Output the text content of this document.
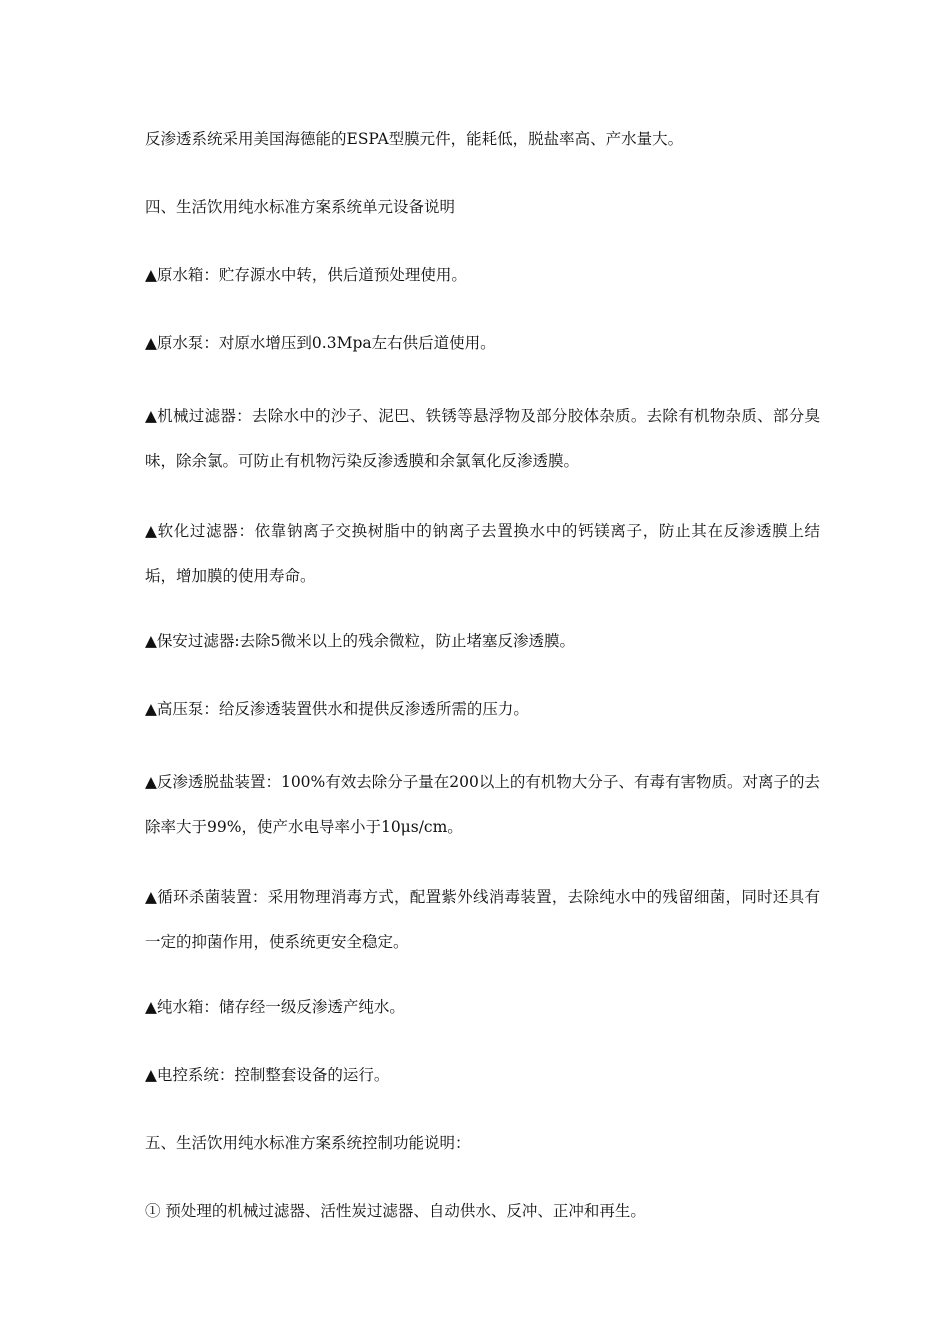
反渗透系统采用美国海德能的ESPA型膜元件，能耗低，脱盐率高、产水量大。

四、生活饮用纯水标准方案系统单元设备说明

▲原水箱：贮存源水中转，供后道预处理使用。

▲原水泵：对原水增压到0.3Mpa左右供后道使用。

▲机械过滤器：去除水中的沙子、泥巴、铁锈等悬浮物及部分胶体杂质。去除有机物杂质、部分臭味，除余氯。可防止有机物污染反渗透膜和余氯氧化反渗透膜。

▲软化过滤器：依靠钠离子交换树脂中的钠离子去置换水中的钙镁离子，防止其在反渗透膜上结垢，增加膜的使用寿命。

▲保安过滤器:去除5微米以上的残余微粒，防止堵塞反渗透膜。

▲高压泵：给反渗透装置供水和提供反渗透所需的压力。

▲反渗透脱盐装置：100%有效去除分子量在200以上的有机物大分子、有毒有害物质。对离子的去除率大于99%，使产水电导率小于10μs/cm。

▲循环杀菌装置：采用物理消毒方式，配置紫外线消毒装置，去除纯水中的残留细菌，同时还具有一定的抑菌作用，使系统更安全稳定。

▲纯水箱：储存经一级反渗透产纯水。

▲电控系统：控制整套设备的运行。

五、生活饮用纯水标准方案系统控制功能说明：

① 预处理的机械过滤器、活性炭过滤器、自动供水、反冲、正冲和再生。
